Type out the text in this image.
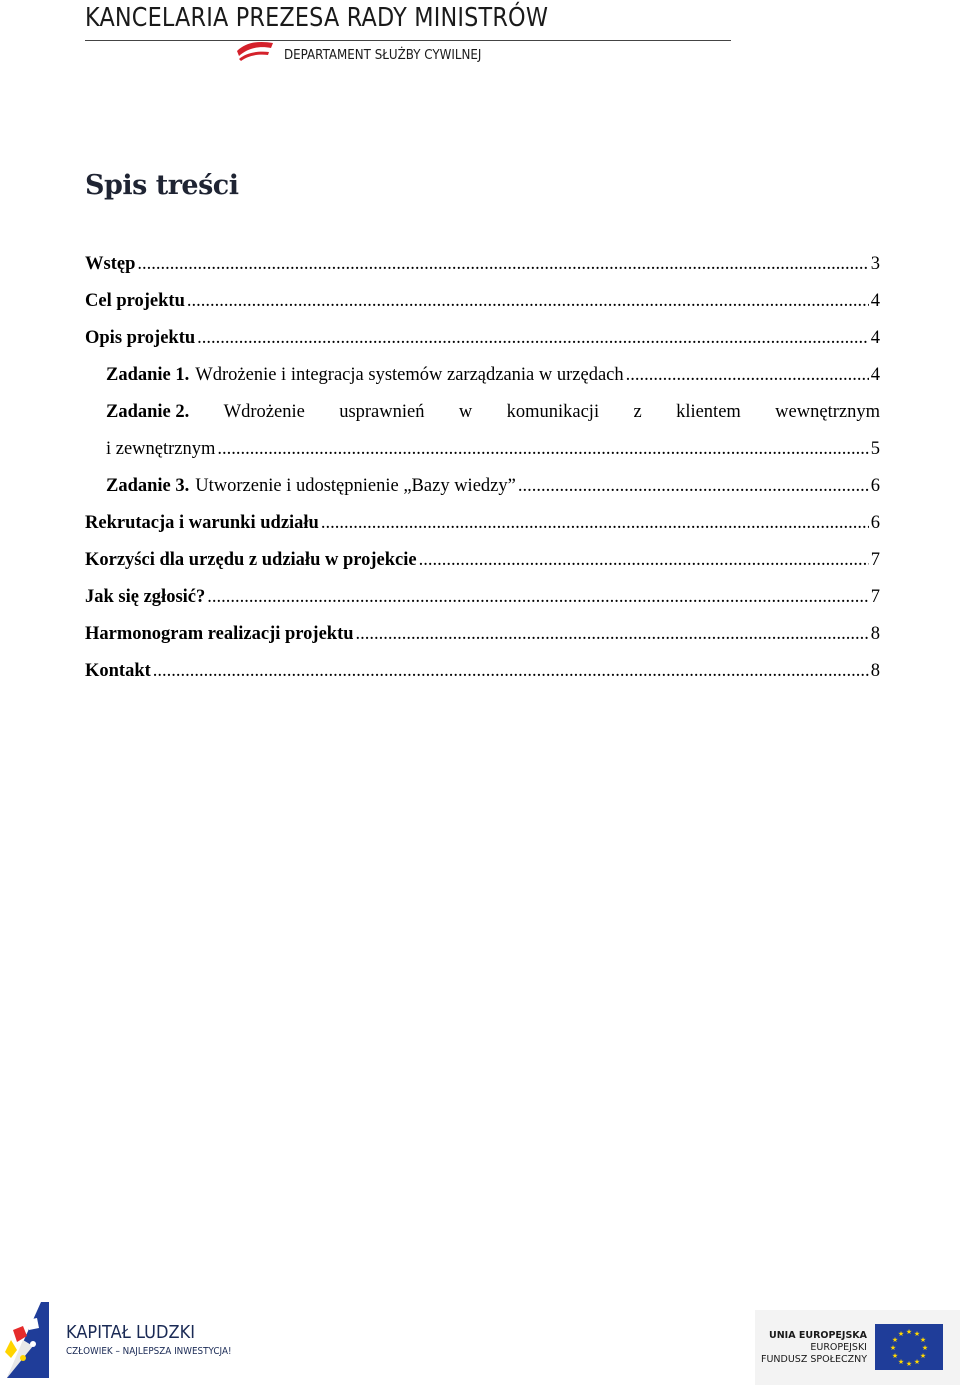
KANCELARIA PREZESA RADY MINISTRÓW
DEPARTAMENT SŁUŻBY CYWILNEJ
Spis treści
Wstęp .....	3
Cel projektu .....	4
Opis projektu .....	4
Zadanie 1. Wdrożenie i integracja systemów zarządzania w urzędach .....	4
Zadanie 2. Wdrożenie usprawnień w komunikacji z klientem wewnętrznym
i zewnętrznym .....	5
Zadanie 3. Utworzenie i udostępnienie „Bazy wiedzy” .....	6
Rekrutacja i warunki udziału .....	6
Korzyści dla urzędu z udziału w projekcie .....	7
Jak się zgłosić? .....	7
Harmonogram realizacji projektu .....	8
Kontakt .....	8
KAPITAŁ LUDZKI
CZŁOWIEK – NAJLEPSZA INWESTYCJA!
UNIA EUROPEJSKA
EUROPEJSKI
FUNDUSZ SPOŁECZNY
★ ★
★
★
★
★
★
★
★
★
★
★
